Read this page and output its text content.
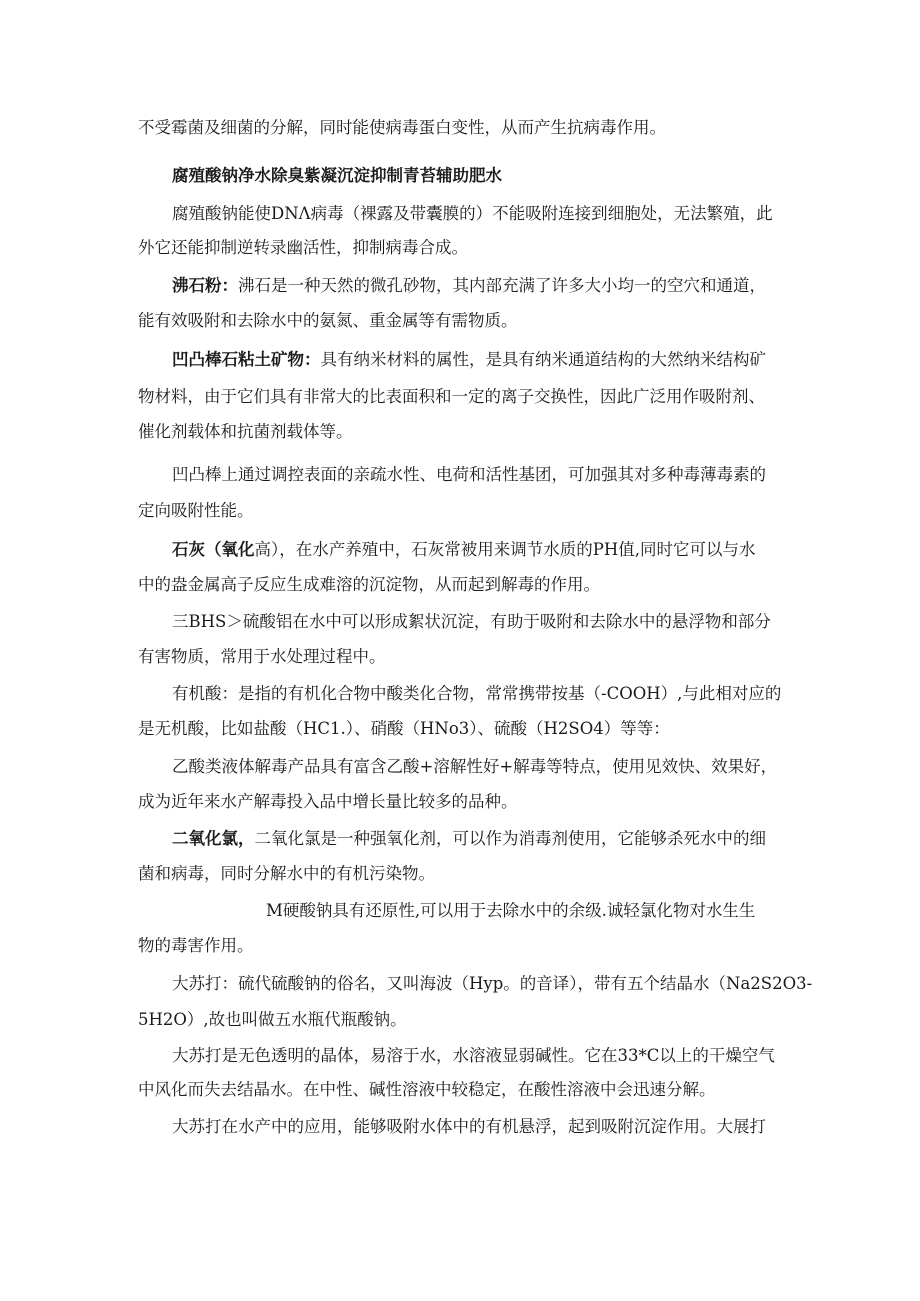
不受霉菌及细菌的分解，同时能使病毒蛋白变性，从而产生抗病毒作用。
腐殖酸钠净水除臭紫凝沉淀抑制青苔辅助肥水
腐殖酸钠能使DNΛ病毒（裸露及带囊膜的）不能吸附连接到细胞处，无法繁殖，此
外它还能抑制逆转录幽活性，抑制病毒合成。
沸石粉：沸石是一种天然的微孔砂物，其内部充满了许多大小均一的空穴和通道，
能有效吸附和去除水中的氨氮、重金属等有需物质。
凹凸棒石粘土矿物：具有纳米材料的属性，是具有纳米通道结构的大然纳米结构矿
物材料，由于它们具有非常大的比表面积和一定的离子交换性，因此广泛用作吸附剂、
催化剂载体和抗菌剂载体等。
凹凸棒上通过调控表面的亲疏水性、电荷和活性基团，可加强其对多种毒薄毒素的
定向吸附性能。
石灰（氧化高），在水产养殖中，石灰常被用来调节水质的PH值,同时它可以与水
中的盎金属高子反应生成难溶的沉淀物，从而起到解毒的作用。
三BHS＞硫酸铝在水中可以形成絮状沉淀，有助于吸附和去除水中的悬浮物和部分
有害物质，常用于水处理过程中。
有机酸：是指的有机化合物中酸类化合物，常常携带按基（-COOH）,与此相对应的
是无机酸，比如盐酸（HC1.）、硝酸（HNo3）、硫酸（H2SO4）等等：
乙酸类液体解毒产品具有富含乙酸+溶解性好+解毒等特点，使用见效快、效果好，
成为近年来水产解毒投入品中增长量比较多的品种。
二氧化氯，二氧化氯是一种强氧化剂，可以作为消毒剂使用，它能够杀死水中的细
菌和病毒，同时分解水中的有机污染物。
M硬酸钠具有还原性,可以用于去除水中的余级.诚轻氯化物对水生生
物的毒害作用。
大苏打：硫代硫酸钠的俗名，又叫海波（Hyp。的音译），带有五个结晶水（Na2S2O3-
5H2O）,故也叫做五水瓶代瓶酸钠。
大苏打是无色透明的晶体，易溶于水，水溶液显弱碱性。它在33*C以上的干燥空气
中风化而失去结晶水。在中性、碱性溶液中较稳定，在酸性溶液中会迅速分解。
大苏打在水产中的应用，能够吸附水体中的有机悬浮，起到吸附沉淀作用。大展打
